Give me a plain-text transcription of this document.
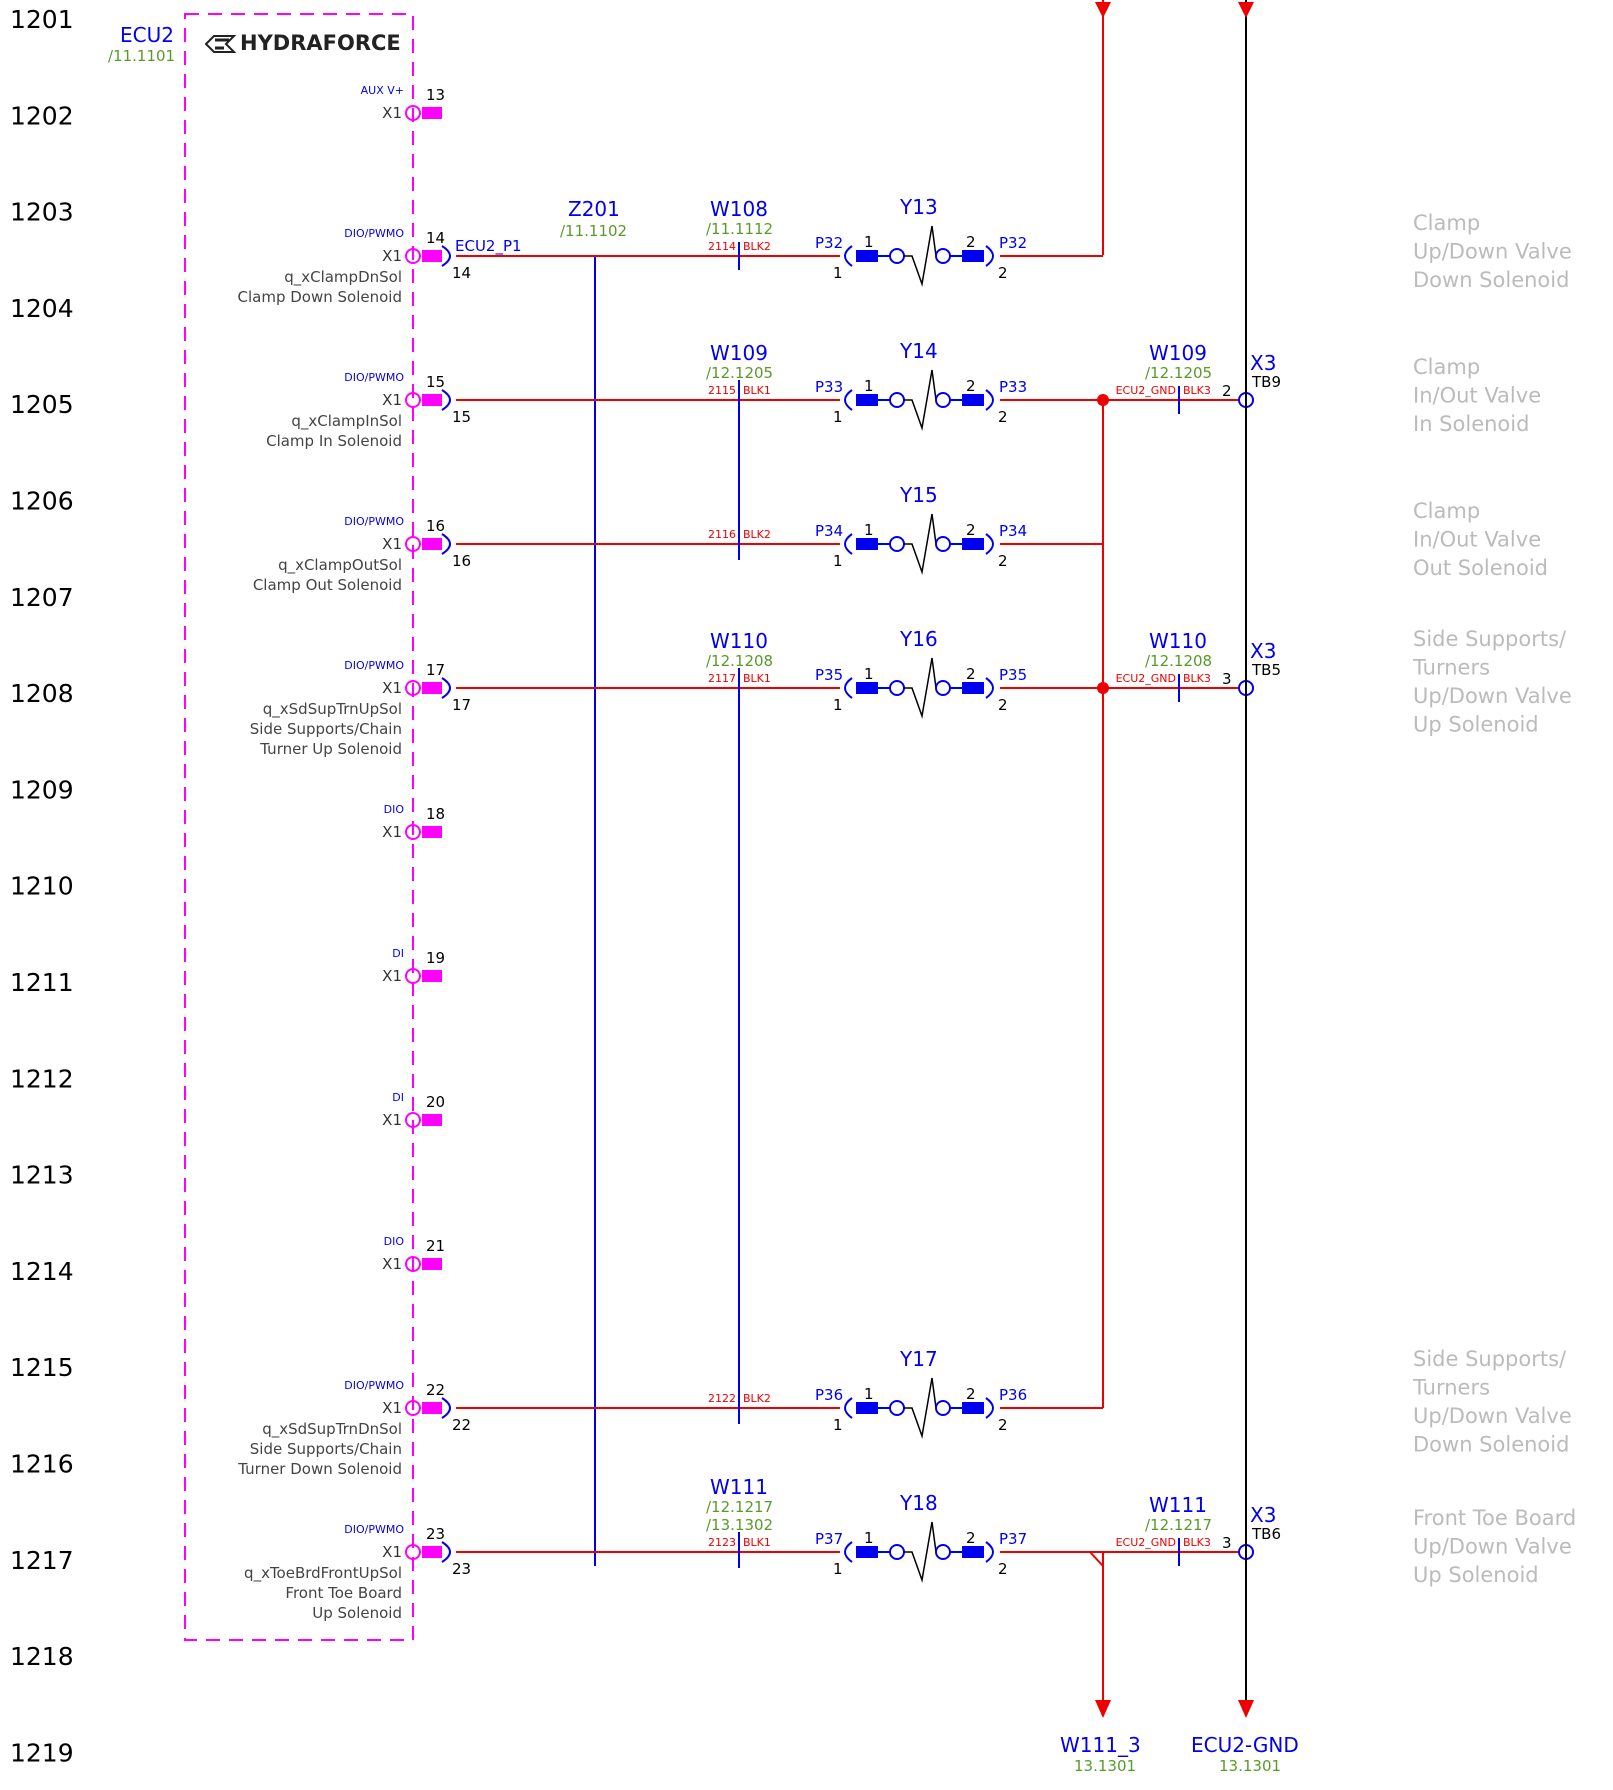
1201
1202
1203
1204
1205
1206
1207
1208
1209
1210
1211
1212
1213
1214
1215
1216
1217
1218
1219
ECU2
/11.1101
HYDRAFORCE
Z201
/11.1102
AUX V+
X1
13
DIO/PWMO
X1
14
14
ECU2_P1
q_xClampDnSol
Clamp Down Solenoid
DIO/PWMO
X1
15
15
q_xClampInSol
Clamp In Solenoid
DIO/PWMO
X1
16
16
q_xClampOutSol
Clamp Out Solenoid
DIO/PWMO
X1
17
17
q_xSdSupTrnUpSol
Side Supports/Chain
Turner Up Solenoid
DIO
X1
18
DI
X1
19
DI
X1
20
DIO
X1
21
DIO/PWMO
X1
22
22
q_xSdSupTrnDnSol
Side Supports/Chain
Turner Down Solenoid
DIO/PWMO
X1
23
23
q_xToeBrdFrontUpSol
Front Toe Board
Up Solenoid
2114 BLK2
W108
/11.1112
P32
1
1	2 P32
2
Y13
2115 BLK1
W109
/12.1205
P33
1
1	2 P33
2
Y14
2116 BLK2	P34
1
1	2 P34
2
Y15
2117 BLK1
W110
/12.1208
P35
1
1	2 P35
2
Y16
2122 BLK2	P36
1
1	2 P36
2
Y17
2123 BLK1
W111
/12.1217
/13.1302
P37
1
1	2 P37
2
Y18
ECU2_GND BLK3
W109
/12.1205
2
X3
TB9
ECU2_GND BLK3
W110
/12.1208
3
X3
TB5
ECU2_GND BLK3
W111
/12.1217
3
X3
TB6
Clamp
Up/Down Valve
Down Solenoid
Clamp
In/Out Valve
In Solenoid
Clamp
In/Out Valve
Out Solenoid
Side Supports/
Turners
Up/Down Valve
Up Solenoid
Side Supports/
Turners
Up/Down Valve
Down Solenoid
Front Toe Board
Up/Down Valve
Up Solenoid
W111_3
13.1301
ECU2-GND
13.1301
